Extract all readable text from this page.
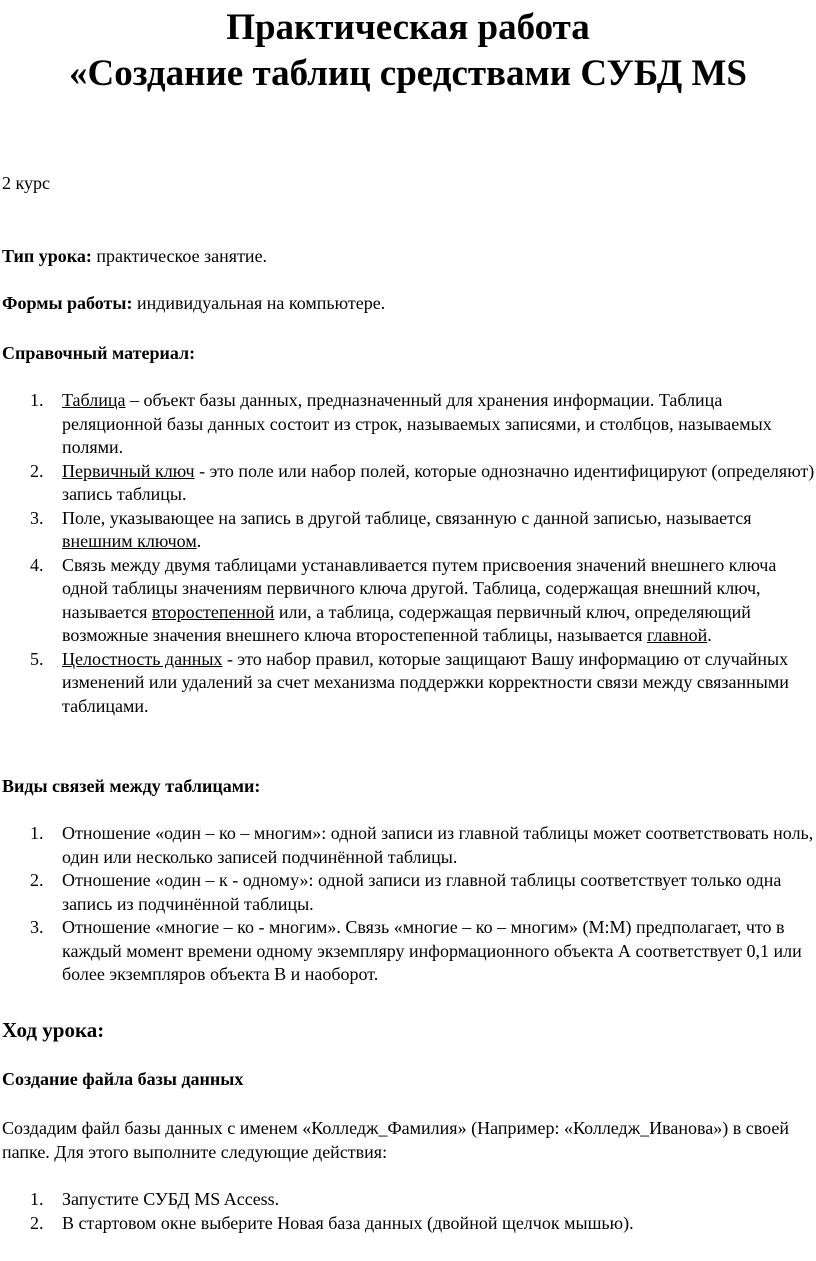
Практическая работа
«Создание таблиц средствами СУБД MS

2 курс

Тип урока: практическое занятие.

Формы работы: индивидуальная на компьютере.

Справочный материал:

1. Таблица – объект базы данных, предназначенный для хранения информации. Таблица реляционной базы данных состоит из строк, называемых записями, и столбцов, называемых полями.
2. Первичный ключ - это поле или набор полей, которые однозначно идентифицируют (определяют) запись таблицы.
3. Поле, указывающее на запись в другой таблице, связанную с данной записью, называется внешним ключом.
4. Связь между двумя таблицами устанавливается путем присвоения значений внешнего ключа одной таблицы значениям первичного ключа другой. Таблица, содержащая внешний ключ, называется второстепенной или, а таблица, содержащая первичный ключ, определяющий возможные значения внешнего ключа второстепенной таблицы, называется главной.
5. Целостность данных - это набор правил, которые защищают Вашу информацию от случайных изменений или удалений за счет механизма поддержки корректности связи между связанными таблицами.

Виды связей между таблицами:

1. Отношение «один – ко – многим»: одной записи из главной таблицы может соответствовать ноль, один или несколько записей подчинённой таблицы.
2. Отношение «один – к - одному»: одной записи из главной таблицы соответствует только одна запись из подчинённой таблицы.
3. Отношение «многие – ко - многим». Связь «многие – ко – многим» (М:М) предполагает, что в каждый момент времени одному экземпляру информационного объекта А соответствует 0,1 или более экземпляров объекта В и наоборот.
Ход урока:

Создание файла базы данных

Создадим файл базы данных с именем «Колледж_Фамилия» (Например: «Колледж_Иванова») в своей папке. Для этого выполните следующие действия:

1. Запустите СУБД MS Access.
2. В стартовом окне выберите Новая база данных (двойной щелчок мышью).
